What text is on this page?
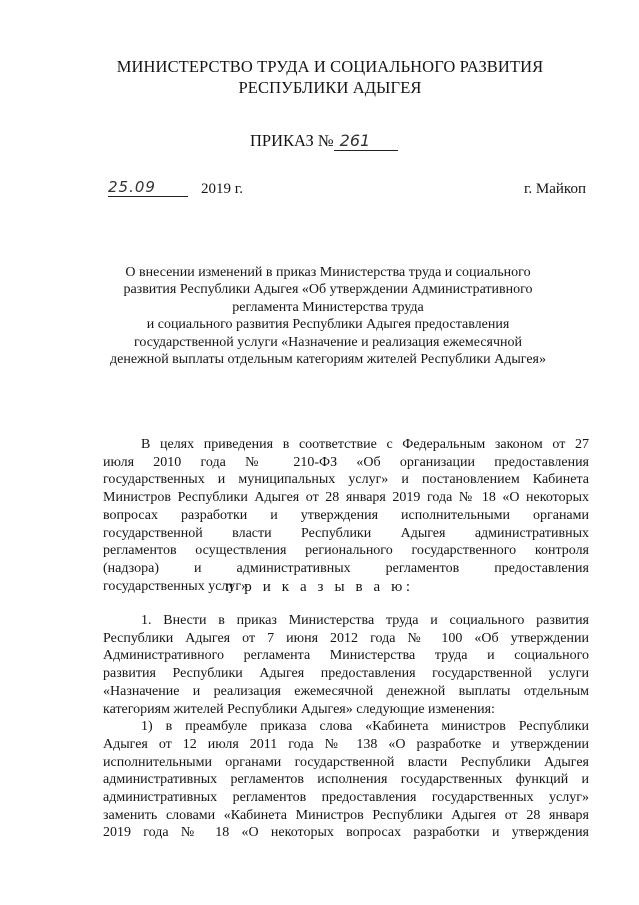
МИНИСТЕРСТВО ТРУДА И СОЦИАЛЬНОГО РАЗВИТИЯ
РЕСПУБЛИКИ АДЫГЕЯ
ПРИКАЗ № 261
25.09	2019 г.	г. Майкоп
О внесении изменений в приказ Министерства труда и социального
развития Республики Адыгея «Об утверждении Административного
регламента Министерства труда
и социального развития Республики Адыгея предоставления
государственной услуги «Назначение и реализация ежемесячной
денежной выплаты отдельным категориям жителей Республики Адыгея»
В целях приведения в соответствие с Федеральным законом от 27
июля 2010 года № 210-ФЗ «Об организации предоставления
государственных и муниципальных услуг» и постановлением Кабинета
Министров Республики Адыгея от 28 января 2019 года № 18 «О некоторых
вопросах разработки и утверждения исполнительными органами
государственной власти Республики Адыгея административных
регламентов осуществления регионального государственного контроля
(надзора) и административных регламентов предоставления
государственных услуг»
п р и к а з ы в а ю:
1. Внести в приказ Министерства труда и социального развития
Республики Адыгея от 7 июня 2012 года № 100 «Об утверждении
Административного регламента Министерства труда и социального
развития Республики Адыгея предоставления государственной услуги
«Назначение и реализация ежемесячной денежной выплаты отдельным
категориям жителей Республики Адыгея» следующие изменения:
1) в преамбуле приказа слова «Кабинета министров Республики
Адыгея от 12 июля 2011 года № 138 «О разработке и утверждении
исполнительными органами государственной власти Республики Адыгея
административных регламентов исполнения государственных функций и
административных регламентов предоставления государственных услуг»
заменить словами «Кабинета Министров Республики Адыгея от 28 января
2019 года № 18 «О некоторых вопросах разработки и утверждения
